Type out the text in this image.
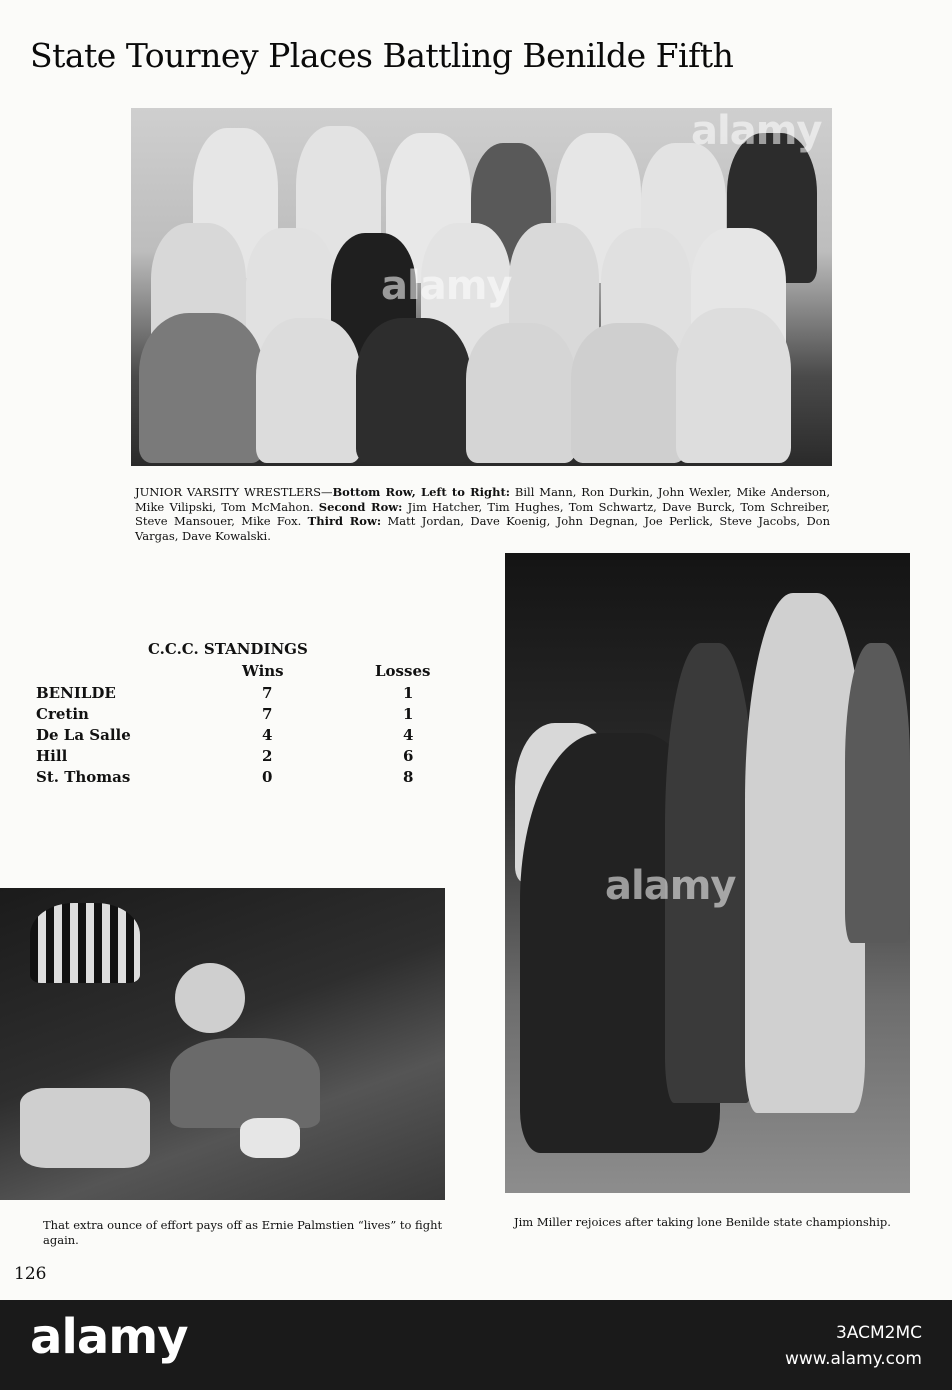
State Tourney Places Battling Benilde Fifth
alamy
alamy
JUNIOR VARSITY WRESTLERS—Bottom Row, Left to Right: Bill Mann, Ron Durkin, John Wexler, Mike Anderson, Mike Vilipski, Tom McMahon. Second Row: Jim Hatcher, Tim Hughes, Tom Schwartz, Dave Burck, Tom Schreiber, Steve Mansouer, Mike Fox. Third Row: Matt Jordan, Dave Koenig, John Degnan, Joe Perlick, Steve Jacobs, Don Vargas, Dave Kowalski.
C.C.C. STANDINGS
Wins	Losses
BENILDE	7	1
Cretin	7	1
De La Salle	4	4
Hill	2	6
St. Thomas	0	8
alamy
That extra ounce of effort pays off as Ernie Palmstien “lives” to fight again.
Jim Miller rejoices after taking lone Benilde state championship.
126
alamy	3ACM2MC
www.alamy.com
